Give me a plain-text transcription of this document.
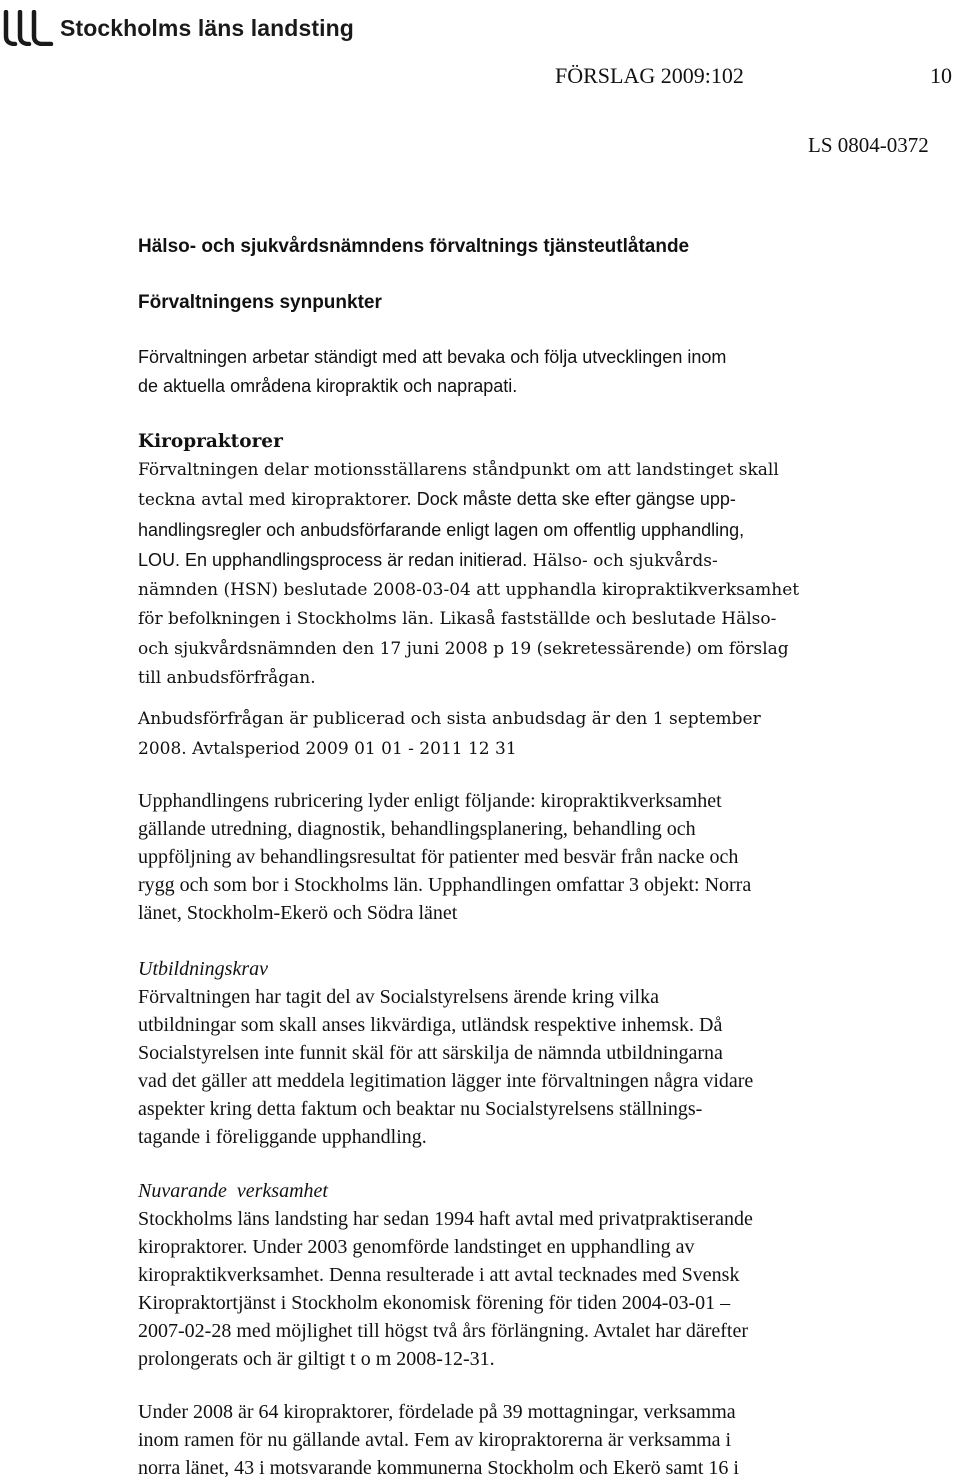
Stockholms läns landsting
FÖRSLAG 2009:102	10
LS 0804-0372
Hälso- och sjukvårdsnämndens förvaltnings tjänsteutlåtande
Förvaltningens synpunkter
Förvaltningen arbetar ständigt med att bevaka och följa utvecklingen inom
de aktuella områdena kiropraktik och naprapati.
Kiropraktorer
Förvaltningen delar motionsställarens ståndpunkt om att landstinget skall
teckna avtal med kiropraktorer. Dock måste detta ske efter gängse upp-
handlingsregler och anbudsförfarande enligt lagen om offentlig upphandling,
LOU. En upphandlingsprocess är redan initierad. Hälso- och sjukvårds-
nämnden (HSN) beslutade 2008-03-04 att upphandla kiropraktikverksamhet
för befolkningen i Stockholms län. Likaså fastställde och beslutade Hälso-
och sjukvårdsnämnden den 17 juni 2008 p 19 (sekretessärende) om förslag
till anbudsförfrågan.
Anbudsförfrågan är publicerad och sista anbudsdag är den 1 september
2008. Avtalsperiod 2009 01 01 - 2011 12 31
Upphandlingens rubricering lyder enligt följande: kiropraktikverksamhet
gällande utredning, diagnostik, behandlingsplanering, behandling och
uppföljning av behandlingsresultat för patienter med besvär från nacke och
rygg och som bor i Stockholms län. Upphandlingen omfattar 3 objekt: Norra
länet, Stockholm-Ekerö och Södra länet
Utbildningskrav
Förvaltningen har tagit del av Socialstyrelsens ärende kring vilka
utbildningar som skall anses likvärdiga, utländsk respektive inhemsk. Då
Socialstyrelsen inte funnit skäl för att särskilja de nämnda utbildningarna
vad det gäller att meddela legitimation lägger inte förvaltningen några vidare
aspekter kring detta faktum och beaktar nu Socialstyrelsens ställnings-
tagande i föreliggande upphandling.
Nuvarande  verksamhet
Stockholms läns landsting har sedan 1994 haft avtal med privatpraktiserande
kiropraktorer. Under 2003 genomförde landstinget en upphandling av
kiropraktikverksamhet. Denna resulterade i att avtal tecknades med Svensk
Kiropraktortjänst i Stockholm ekonomisk förening för tiden 2004-03-01 –
2007-02-28 med möjlighet till högst två års förlängning. Avtalet har därefter
prolongerats och är giltigt t o m 2008-12-31.
Under 2008 är 64 kiropraktorer, fördelade på 39 mottagningar, verksamma
inom ramen för nu gällande avtal. Fem av kiropraktorerna är verksamma i
norra länet, 43 i motsvarande kommunerna Stockholm och Ekerö samt 16 i
